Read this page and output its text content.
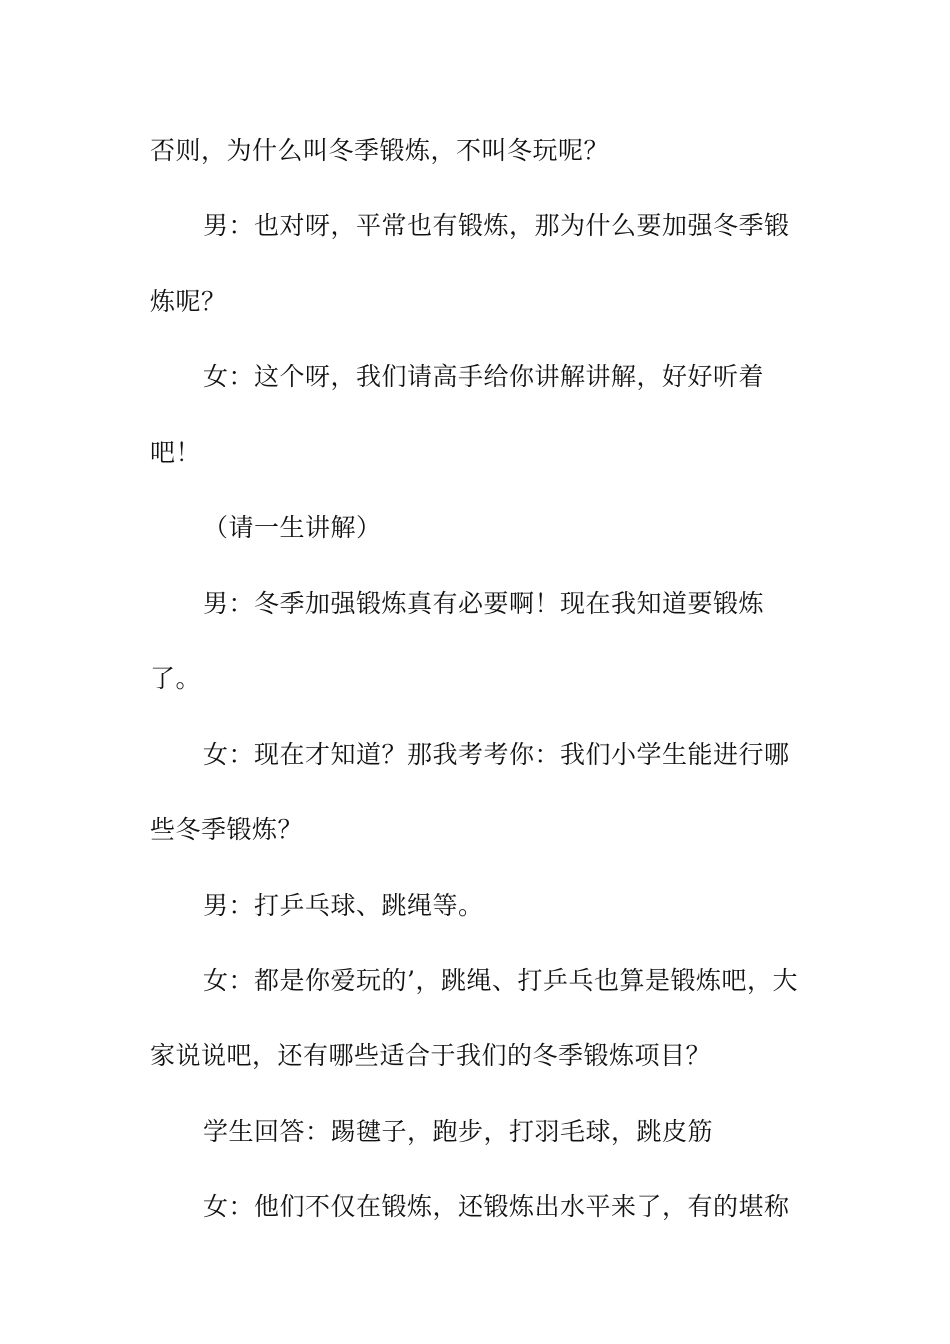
否则，为什么叫冬季锻炼，不叫冬玩呢？
男：也对呀，平常也有锻炼，那为什么要加强冬季锻
炼呢？
女：这个呀，我们请高手给你讲解讲解，好好听着
吧！
（请一生讲解）
男：冬季加强锻炼真有必要啊！现在我知道要锻炼
了。
女：现在才知道？那我考考你：我们小学生能进行哪
些冬季锻炼？
男：打乒乓球、跳绳等。
女：都是你爱玩的’，跳绳、打乒乓也算是锻炼吧，大
家说说吧，还有哪些适合于我们的冬季锻炼项目？
学生回答：踢毽子，跑步，打羽毛球，跳皮筋
女：他们不仅在锻炼，还锻炼出水平来了，有的堪称
